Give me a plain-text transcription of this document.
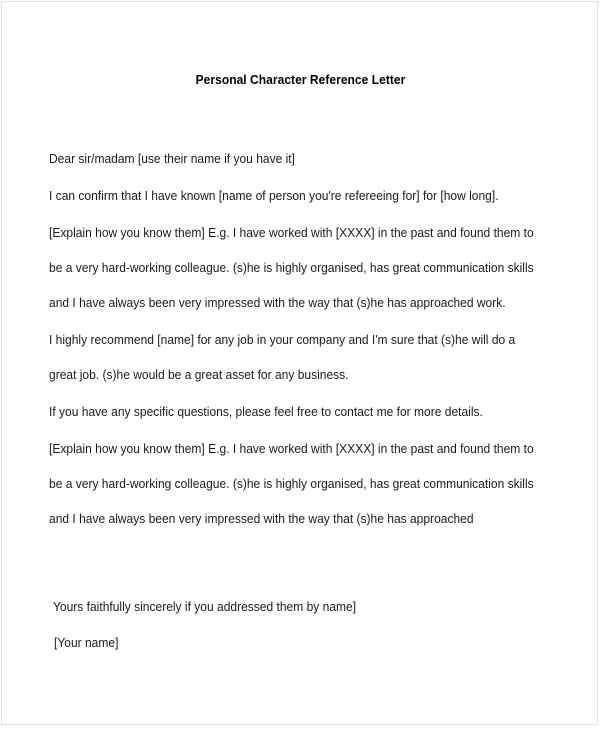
Personal Character Reference Letter

Dear sir/madam [use their name if you have it]

I can confirm that I have known [name of person you're refereeing for] for [how long].

[Explain how you know them] E.g. I have worked with [XXXX] in the past and found them to be a very hard-working colleague. (s)he is highly organised, has great communication skills and I have always been very impressed with the way that (s)he has approached work.

I highly recommend [name] for any job in your company and I'm sure that (s)he will do a great job. (s)he would be a great asset for any business.

If you have any specific questions, please feel free to contact me for more details.

[Explain how you know them] E.g. I have worked with [XXXX] in the past and found them to be a very hard-working colleague. (s)he is highly organised, has great communication skills and I have always been very impressed with the way that (s)he has approached

Yours faithfully sincerely if you addressed them by name]

[Your name]
